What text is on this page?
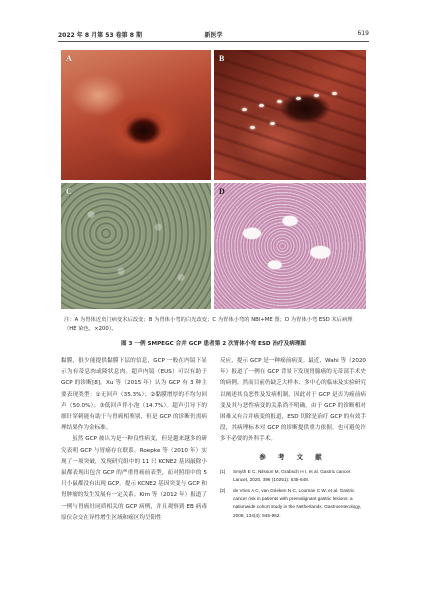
2022 年 8 月第 53 卷第 8 期	新医学	619
A	B
C	D
注：A 为胃体近贲门病变术后改变；B 为胃体小弯的白光改变；C 为胃体小弯的 NBI+ME 图；D 为胃体小弯 ESD 术后病理（HE 染色，×200）。
图 3 一例 SMPEGC 合并 GCP 患者第 2 次胃体小弯 ESD 治疗及病理图

黏膜，很少能提供黏膜下层的信息，GCP 一般在内镜下显示为有蒂息肉或隆状息肉。超声内镜（EUS）可以有助于 GCP 的诊断[8]。Xu 等（2015 年）认为 GCP 有 3 种主要表现类型：①无回声（35.3%）；②黏膜增厚的不均匀回声（50.0%）；③低回声伴小泡（14.7%）。超声引导下的细针穿刺能有助于与胃癌相鉴别，但是 GCP 的诊断仍需病理结果作为金标准。

虽然 GCP 被认为是一种良性病变，但是越来越多的研究表明 GCP 与胃癌存在联系。Roepke 等（2010 年）实现了一项突破，发现研究组中的 11 只 KCNE2 基因敲除小鼠都表现出包含 GCP 的严重胃癌前表型，而对照组中的 5 只小鼠都没有出现 GCP。提示 KCNE2 基因突变与 GCP 和胃肿瘤的发生发展有一定关系。Kim 等（2012 年）报道了一例与胃癌灶同质相关的 GCP 病例，并且观察到 EB 病毒原位杂交在异性增生区域和癌区均呈阳性

反应，提示 GCP 是一种癌前病变。最近，Wahi 等（2020 年）报道了一例在 GCP 背景下发现胃腺癌的无蒂部手术史的病例。然而目前仍缺乏大样本、多中心的临床及实验研究以阐述其良恶性及发病机制，因此对于 GCP 是否为癌前病变及其与恶性病变的关系尚不明确。由于 GCP 的诊断相对困难又有合并癌变的报道，ESD 切除是治疗 GCP 的有效手段，其病理标本对 GCP 的诊断提供重力依据，也可避免许多不必要的外科手术。

参 考 文 献
[1] Smyth E C, Nilsson M, Grabsch H I, et al. Gastric cancer. Lancet, 2020, 396 (10251): 635-648.
[2] de Vries A C, van Grieken N C, Looman C W, et al. Gastric cancer risk in patients with premalignant gastric lesions: a nationwide cohort study in the Netherlands. Gastroenterology, 2008, 134(4): 945-952.
